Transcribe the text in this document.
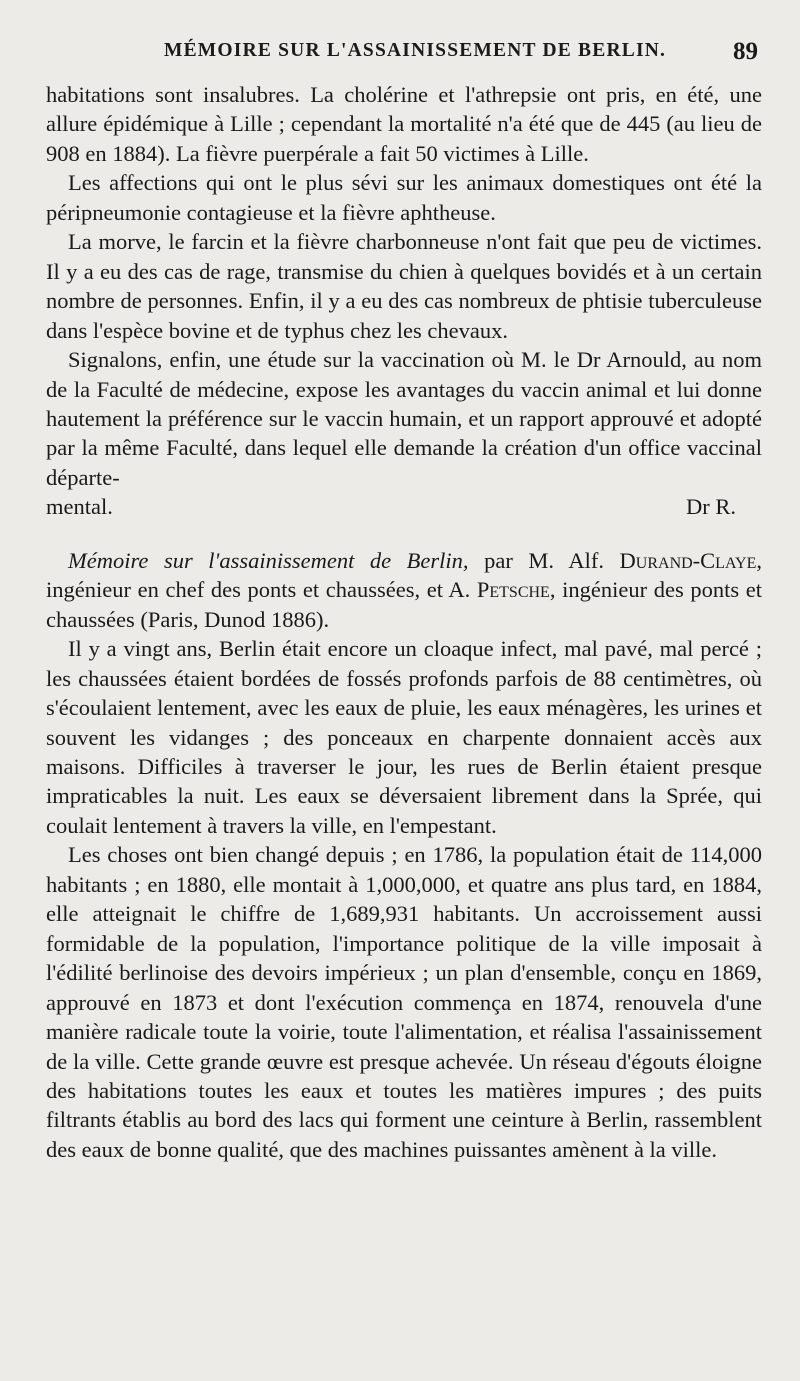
MÉMOIRE SUR L'ASSAINISSEMENT DE BERLIN.	89

habitations sont insalubres. La cholérine et l'athrepsie ont pris, en été, une allure épidémique à Lille ; cependant la mortalité n'a été que de 445 (au lieu de 908 en 1884). La fièvre puerpérale a fait 50 victimes à Lille.

Les affections qui ont le plus sévi sur les animaux domestiques ont été la péripneumonie contagieuse et la fièvre aphtheuse.

La morve, le farcin et la fièvre charbonneuse n'ont fait que peu de victimes. Il y a eu des cas de rage, transmise du chien à quelques bovidés et à un certain nombre de personnes. Enfin, il y a eu des cas nombreux de phtisie tuberculeuse dans l'espèce bovine et de typhus chez les chevaux.

Signalons, enfin, une étude sur la vaccination où M. le Dr Arnould, au nom de la Faculté de médecine, expose les avantages du vaccin animal et lui donne hautement la préférence sur le vaccin humain, et un rapport approuvé et adopté par la même Faculté, dans lequel elle demande la création d'un office vaccinal départe-

mental.	Dr R.

Mémoire sur l'assainissement de Berlin, par M. Alf. Durand-Claye, ingénieur en chef des ponts et chaussées, et A. Petsche, ingénieur des ponts et chaussées (Paris, Dunod 1886).

Il y a vingt ans, Berlin était encore un cloaque infect, mal pavé, mal percé ; les chaussées étaient bordées de fossés profonds parfois de 88 centimètres, où s'écoulaient lentement, avec les eaux de pluie, les eaux ménagères, les urines et souvent les vidanges ; des ponceaux en charpente donnaient accès aux maisons. Difficiles à traverser le jour, les rues de Berlin étaient presque impraticables la nuit. Les eaux se déversaient librement dans la Sprée, qui coulait lentement à travers la ville, en l'empestant.

Les choses ont bien changé depuis ; en 1786, la population était de 114,000 habitants ; en 1880, elle montait à 1,000,000, et quatre ans plus tard, en 1884, elle atteignait le chiffre de 1,689,931 habitants. Un accroissement aussi formidable de la population, l'importance politique de la ville imposait à l'édilité berlinoise des devoirs impérieux ; un plan d'ensemble, conçu en 1869, approuvé en 1873 et dont l'exécution commença en 1874, renouvela d'une manière radicale toute la voirie, toute l'alimentation, et réalisa l'assainissement de la ville. Cette grande œuvre est presque achevée. Un réseau d'égouts éloigne des habitations toutes les eaux et toutes les matières impures ; des puits filtrants établis au bord des lacs qui forment une ceinture à Berlin, rassemblent des eaux de bonne qualité, que des machines puissantes amènent à la ville.
